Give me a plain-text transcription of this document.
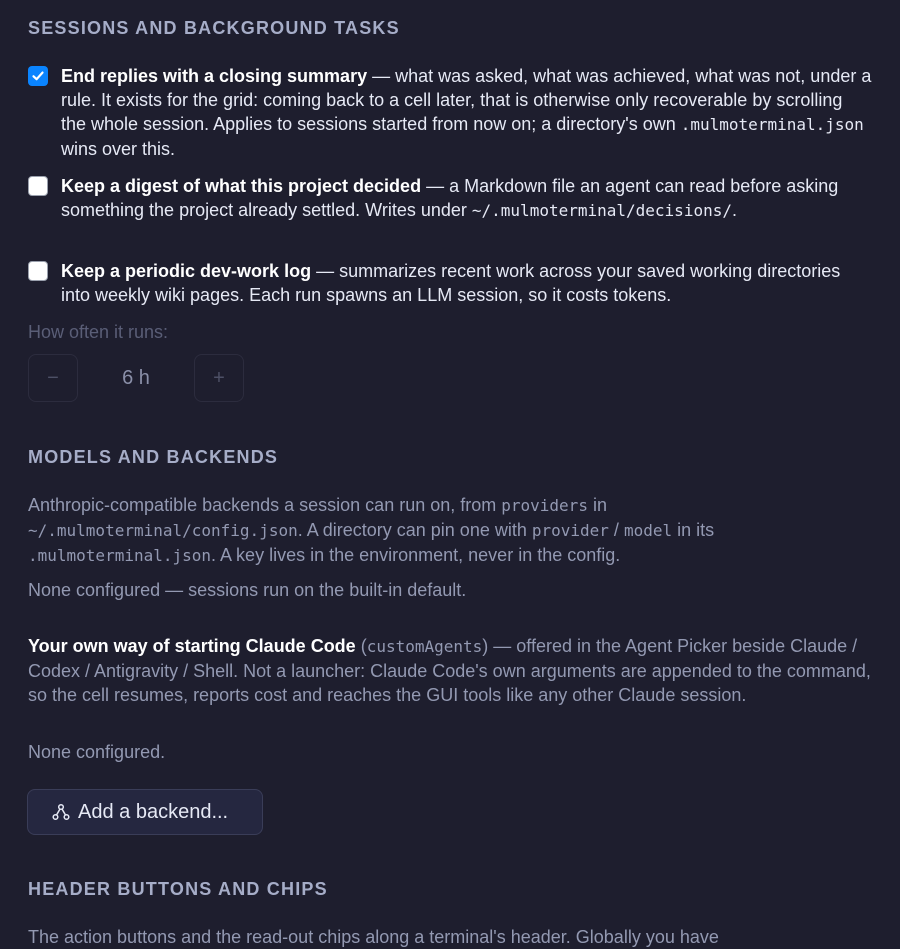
SESSIONS AND BACKGROUND TASKS
End replies with a closing summary — what was asked, what was achieved, what was not, under a rule. It exists for the grid: coming back to a cell later, that is otherwise only recoverable by scrolling the whole session. Applies to sessions started from now on; a directory's own .mulmoterminal.json wins over this.
Keep a digest of what this project decided — a Markdown file an agent can read before asking something the project already settled. Writes under ~/.mulmoterminal/decisions/.
Keep a periodic dev-work log — summarizes recent work across your saved working directories into weekly wiki pages. Each run spawns an LLM session, so it costs tokens.
How often it runs:
−	6 h	+
MODELS AND BACKENDS
Anthropic-compatible backends a session can run on, from providers in ~/.mulmoterminal/config.json. A directory can pin one with provider / model in its .mulmoterminal.json. A key lives in the environment, never in the config.
None configured — sessions run on the built-in default.
Your own way of starting Claude Code (customAgents) — offered in the Agent Picker beside Claude / Codex / Antigravity / Shell. Not a launcher: Claude Code's own arguments are appended to the command, so the cell resumes, reports cost and reaches the GUI tools like any other Claude session.
None configured.
Add a backend...
HEADER BUTTONS AND CHIPS
The action buttons and the read-out chips along a terminal's header. Globally you have
